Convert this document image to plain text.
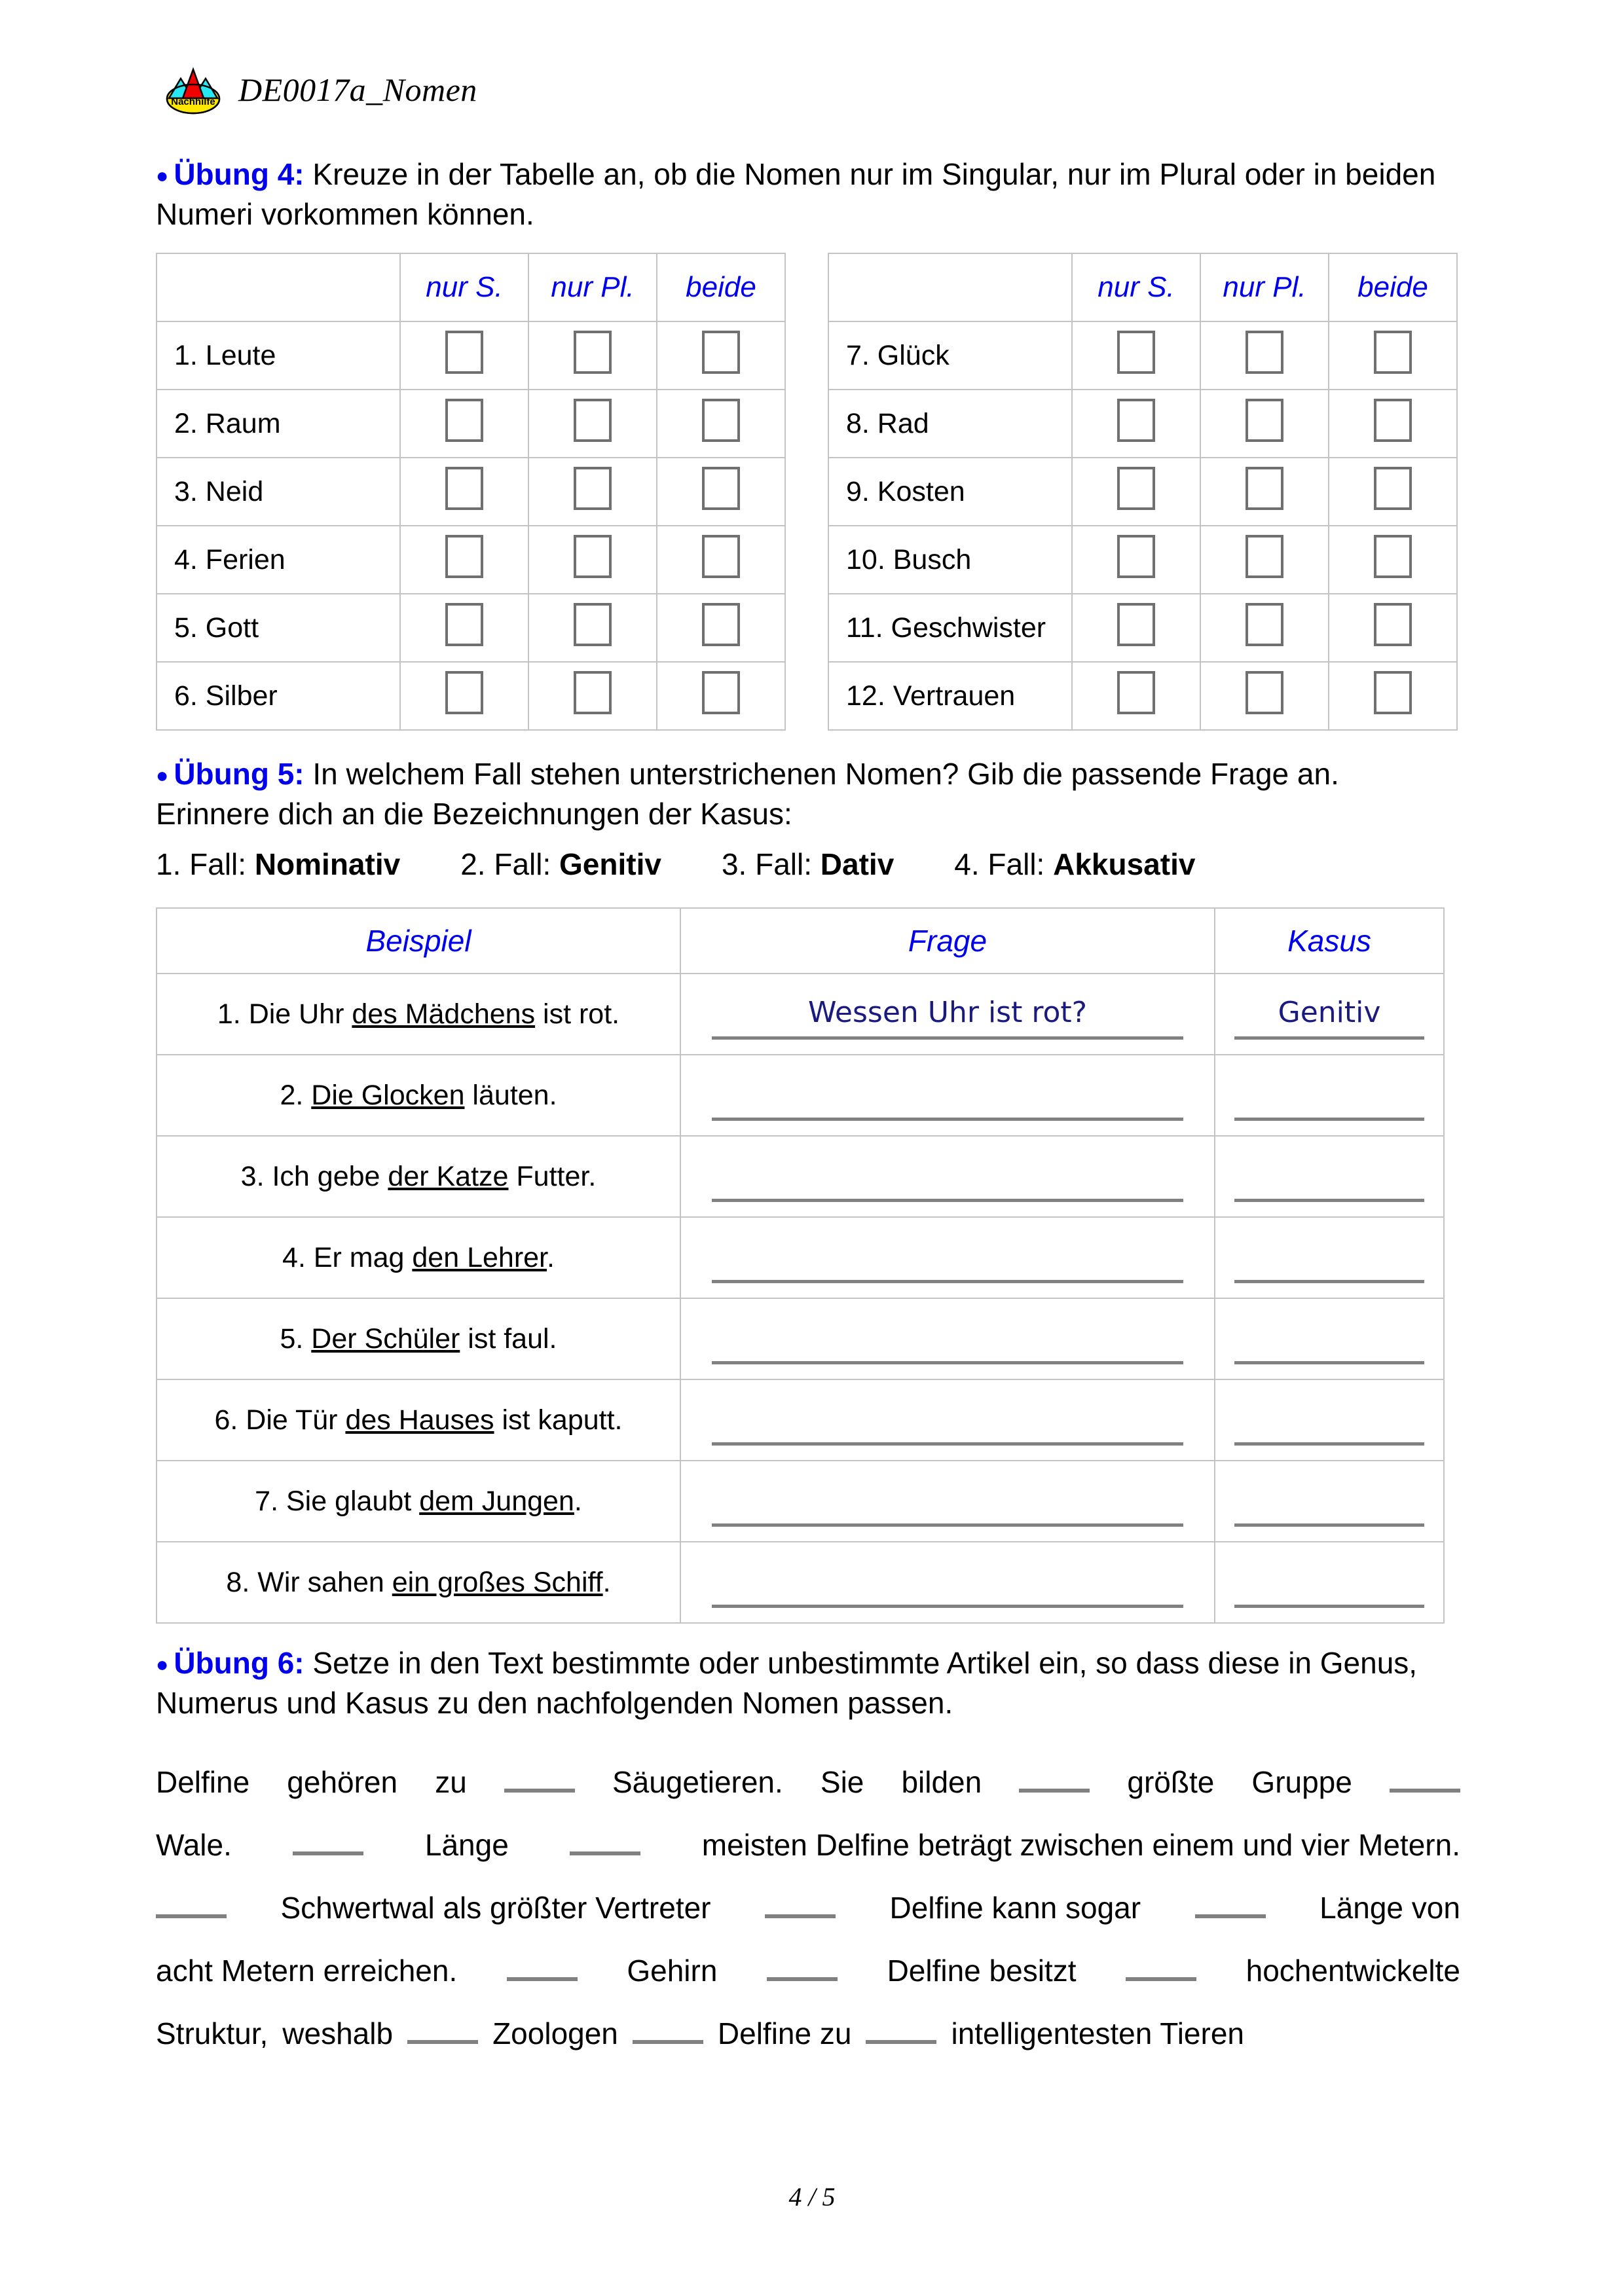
Nachhilfe DE0017a_Nomen
● Übung 4: Kreuze in der Tabelle an, ob die Nomen nur im Singular, nur im Plural oder in beiden Numeri vorkommen können.
	nur S.	nur Pl.	beide
1. Leute			
2. Raum			
3. Neid			
4. Ferien			
5. Gott			
6. Silber			
	nur S.	nur Pl.	beide
7. Glück			
8. Rad			
9. Kosten			
10. Busch			
11. Geschwister			
12. Vertrauen			
● Übung 5: In welchem Fall stehen unterstrichenen Nomen? Gib die passende Frage an. Erinnere dich an die Bezeichnungen der Kasus:
1. Fall: Nominativ 2. Fall: Genitiv 3. Fall: Dativ 4. Fall: Akkusativ
Beispiel	Frage	Kasus
1. Die Uhr des Mädchens ist rot.	Wessen Uhr ist rot?	Genitiv

2. Die Glocken läuten.	

3. Ich gebe der Katze Futter.	

4. Er mag den Lehrer.	

5. Der Schüler ist faul.	

6. Die Tür des Hauses ist kaputt.	

7. Sie glaubt dem Jungen.	

8. Wir sahen ein großes Schiff.	

● Übung 6: Setze in den Text bestimmte oder unbestimmte Artikel ein, so dass diese in Genus, Numerus und Kasus zu den nachfolgenden Nomen passen.
Delfine gehören zu	Säugetieren. Sie bilden	größte Gruppe
Wale.	Länge	meisten Delfine beträgt zwischen einem und vier Metern.
Schwertwal als größter Vertreter	Delfine kann sogar	Länge von
acht Metern erreichen.	Gehirn	Delfine besitzt	hochentwickelte
Struktur, weshalb	Zoologen	Delfine zu	intelligentesten Tieren
4 / 5
